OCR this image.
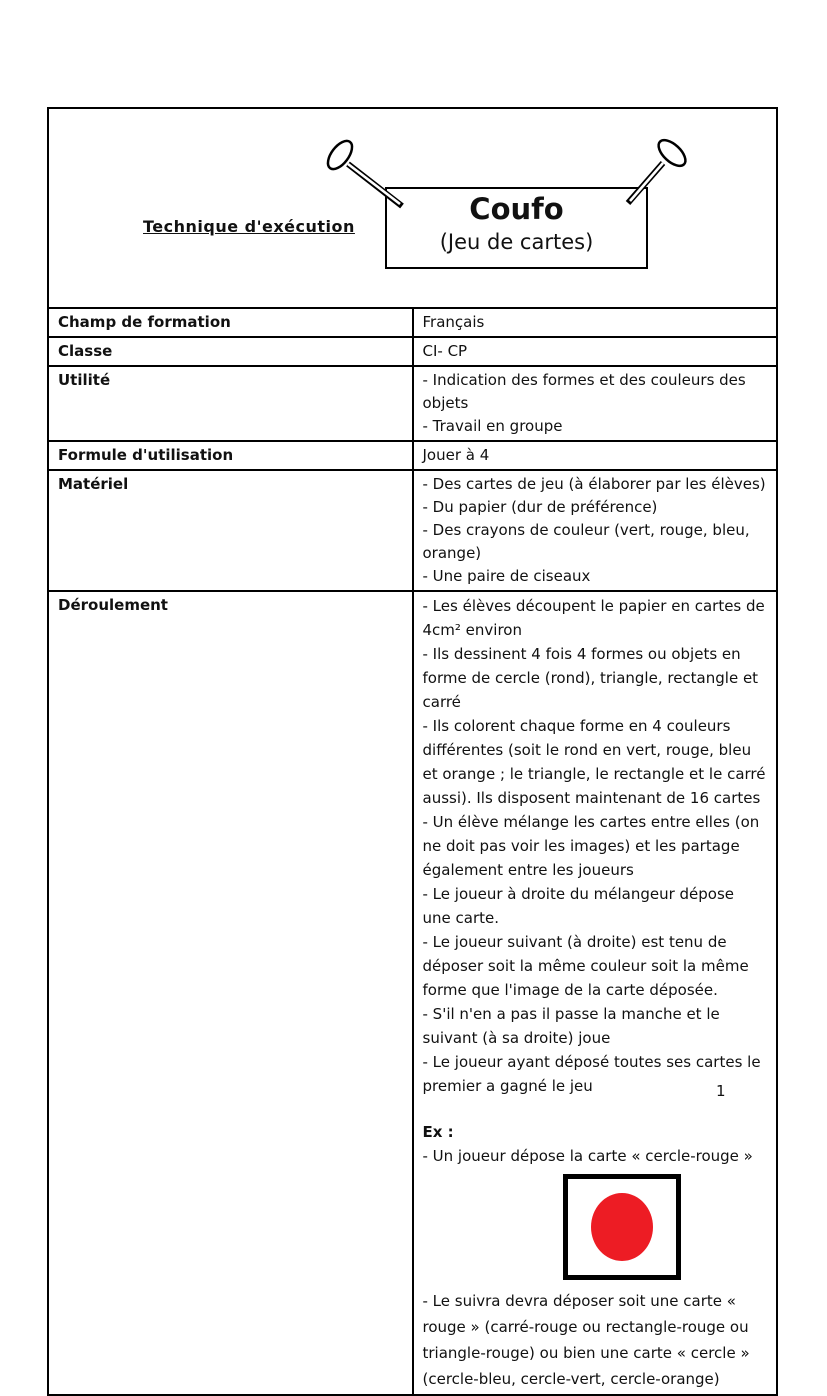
Technique d'exécution
Coufo
(Jeu de cartes)	

Champ de formation	Français

Classe	CI- CP

Utilité	- Indication des formes et des couleurs des objets
- Travail en groupe

Formule d'utilisation	Jouer à 4

Matériel	- Des cartes de jeu (à élaborer par les élèves)
- Du papier (dur de préférence)
- Des crayons de couleur (vert, rouge, bleu, orange)
- Une paire de ciseaux

Déroulement	- Les élèves découpent le papier en cartes de 4cm² environ
- Ils dessinent 4 fois 4 formes ou objets en forme de cercle (rond), triangle, rectangle et carré
- Ils colorent chaque forme en 4 couleurs différentes (soit le rond en vert, rouge, bleu et orange ; le triangle, le rectangle et le carré aussi). Ils disposent maintenant de 16 cartes
- Un élève mélange les cartes entre elles (on ne doit pas voir les images) et les partage également entre les joueurs
- Le joueur à droite du mélangeur dépose une carte.
- Le joueur suivant (à droite) est tenu de déposer soit la même couleur soit la même forme que l'image de la carte déposée.
- S'il n'en a pas il passe la manche et le suivant (à sa droite) joue
- Le joueur ayant déposé toutes ses cartes le premier a gagné le jeu
Ex :
- Un joueur dépose la carte « cercle-rouge »
- Le suivra devra déposer soit une carte « rouge » (carré-rouge ou rectangle-rouge ou triangle-rouge) ou bien une carte « cercle » (cercle-bleu, cercle-vert, cercle-orange)
1
